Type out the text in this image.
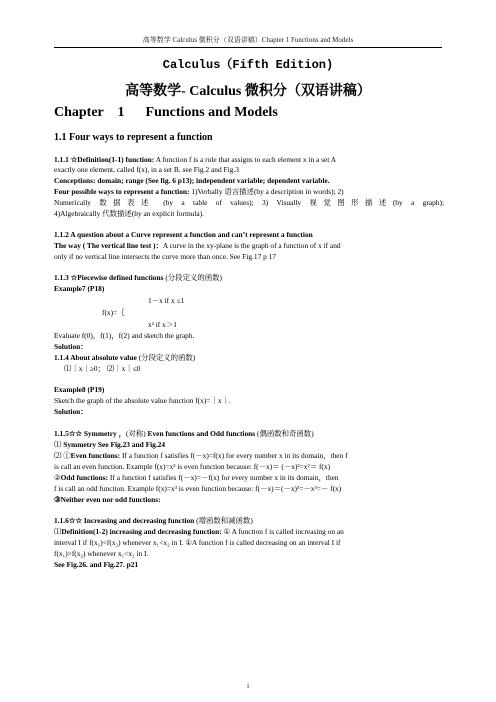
高等数学 Calculus 微积分（双语讲稿）Chapter 1 Functions and Models
Calculus（Fifth Edition)
高等数学- Calculus 微积分（双语讲稿）
Chapter    1      Functions and Models
1.1 Four ways to represent a function
1.1.1 ☆Definition(1-1) function: A function f is a rule that assigns to each element x in a set A
exactly one element, called f(x), in a set B. see Fig.2 and Fig.3
Conceptions: domain; range (See fig. 6 p13); independent variable; dependent variable.
Four possible ways to represent a function: 1)Verbally 语言描述(by a description in words); 2)
Numerically 数据表述 (by a table of values); 3) Visually 视觉图形描述(by a graph);
4)Algebraically 代数描述(by an explicit formula).
1.1.2 A question about a Curve represent a function and can’t represent a function
The way ( The vertical line test )：A curve in the xy-plane is the graph of a function of x if and
only if no vertical line intersects the curve more than once. See Fig.17 p 17
1.1.3 ☆Piecewise defined functions (分段定义的函数)
Example7 (P18)
1－x if x ≤1
f(x)=｛
x² if x＞1
Evaluate f(0)，f(1)，f(2) and sketch the graph.
Solution：
1.1.4 About absolute value (分段定义的函数)
⑴｜x｜≥0； ⑵｜x｜≤0
Example8 (P19)
Sketch the graph of the absolute value function f(x)=｜x｜.
Solution：
1.1.5☆☆ Symmetry ，(对称) Even functions and Odd functions (偶函数和奇函数)
⑴ Symmetry See Fig.23 and Fig.24
⑵ ①Even functions: If a function f satisfies f(－x)=f(x) for every number x in its domain，then f
is call an even function. Example f(x)=x² is even function because: f(－x)＝ (－x)²=x²＝ f(x)
②Odd functions: If a function f satisfies f(－x)=－f(x) for every number x in its domain，then
f is call an odd function. Example f(x)=x³ is even function because: f(－x)＝(－x)³=－x³=－ f(x)
③Neither even nor odd functions:
1.1.6☆☆ Increasing and decreasing function (增函数和减函数)
⑴Definition(1-2) increasing and decreasing function: ① A function f is called increasing on an
interval I if f(x₁)<f(x₂) whenever x₁<x₂ in I. ①A function f is called decreasing on an interval I if
f(x₁)>f(x₂) whenever x₁<x₂ in I.
See Fig.26. and Fig.27. p21
1
